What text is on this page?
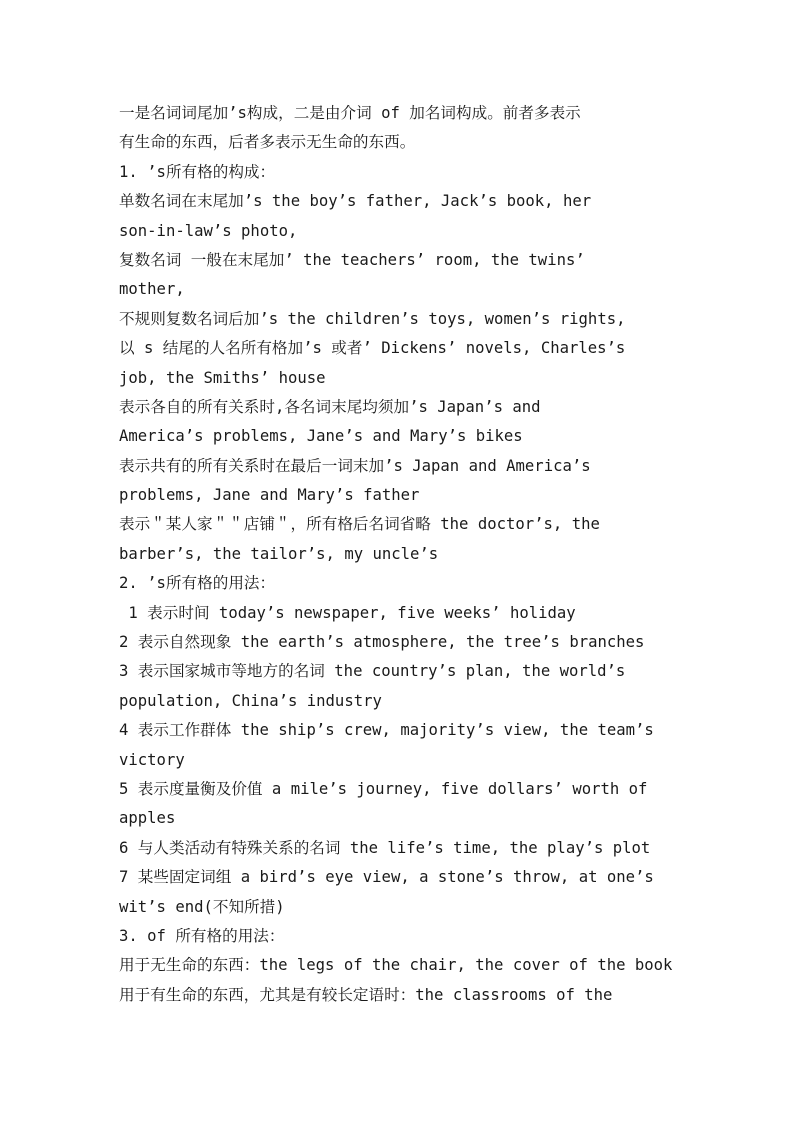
一是名词词尾加’s构成，二是由介词 of 加名词构成。前者多表示
有生命的东西，后者多表示无生命的东西。
1. ’s所有格的构成：
单数名词在末尾加’s the boy’s father, Jack’s book, her
son-in-law’s photo,
复数名词 一般在末尾加’ the teachers’ room, the twins’
mother,
不规则复数名词后加’s the children’s toys, women’s rights,
以 s 结尾的人名所有格加’s 或者’ Dickens’ novels, Charles’s
job, the Smiths’ house
表示各自的所有关系时,各名词末尾均须加’s Japan’s and
America’s problems, Jane’s and Mary’s bikes
表示共有的所有关系时在最后一词末加’s Japan and America’s
problems, Jane and Mary’s father
表示＂某人家＂＂店铺＂，所有格后名词省略 the doctor’s, the
barber’s, the tailor’s, my uncle’s
2. ’s所有格的用法：
1 表示时间 today’s newspaper, five weeks’ holiday
2 表示自然现象 the earth’s atmosphere, the tree’s branches
3 表示国家城市等地方的名词 the country’s plan, the world’s
population, China’s industry
4 表示工作群体 the ship’s crew, majority’s view, the team’s
victory
5 表示度量衡及价值 a mile’s journey, five dollars’ worth of
apples
6 与人类活动有特殊关系的名词 the life’s time, the play’s plot
7 某些固定词组 a bird’s eye view, a stone’s throw, at one’s
wit’s end(不知所措)
3. of 所有格的用法：
用于无生命的东西：the legs of the chair, the cover of the book
用于有生命的东西，尤其是有较长定语时：the classrooms of the
